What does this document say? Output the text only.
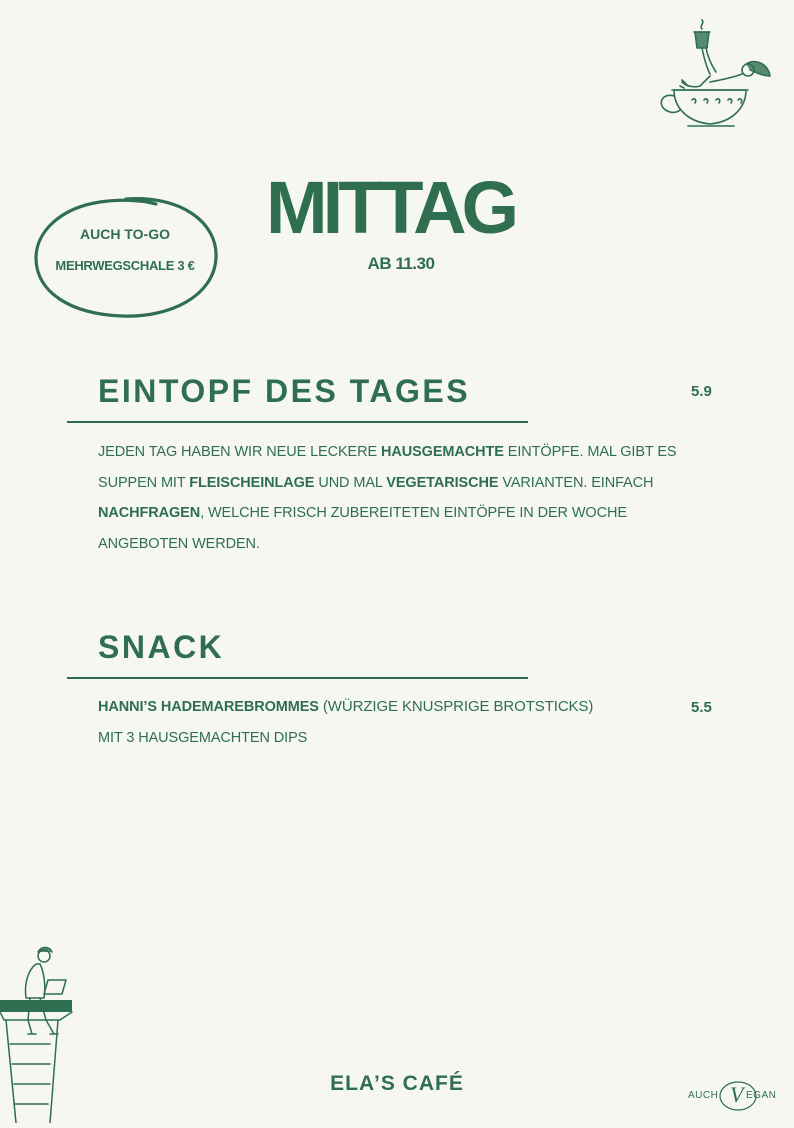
AUCH TO-GO
MEHRWEGSCHALE 3 €
MITTAG
AB 11.30
EINTOPF DES TAGES	5.9
JEDEN TAG HABEN WIR NEUE LECKERE HAUSGEMACHTE EINTÖPFE. MAL GIBT ES SUPPEN MIT FLEISCHEINLAGE UND MAL VEGETARISCHE VARIANTEN. EINFACH NACHFRAGEN, WELCHE FRISCH ZUBEREITETEN EINTÖPFE IN DER WOCHE ANGEBOTEN WERDEN.
SNACK
5.5
HANNI’S HADEMAREBROMMES (WÜRZIGE KNUSPRIGE BROTSTICKS)
MIT 3 HAUSGEMACHTEN DIPS
ELA’S CAFÉ
AUCH V EGAN
